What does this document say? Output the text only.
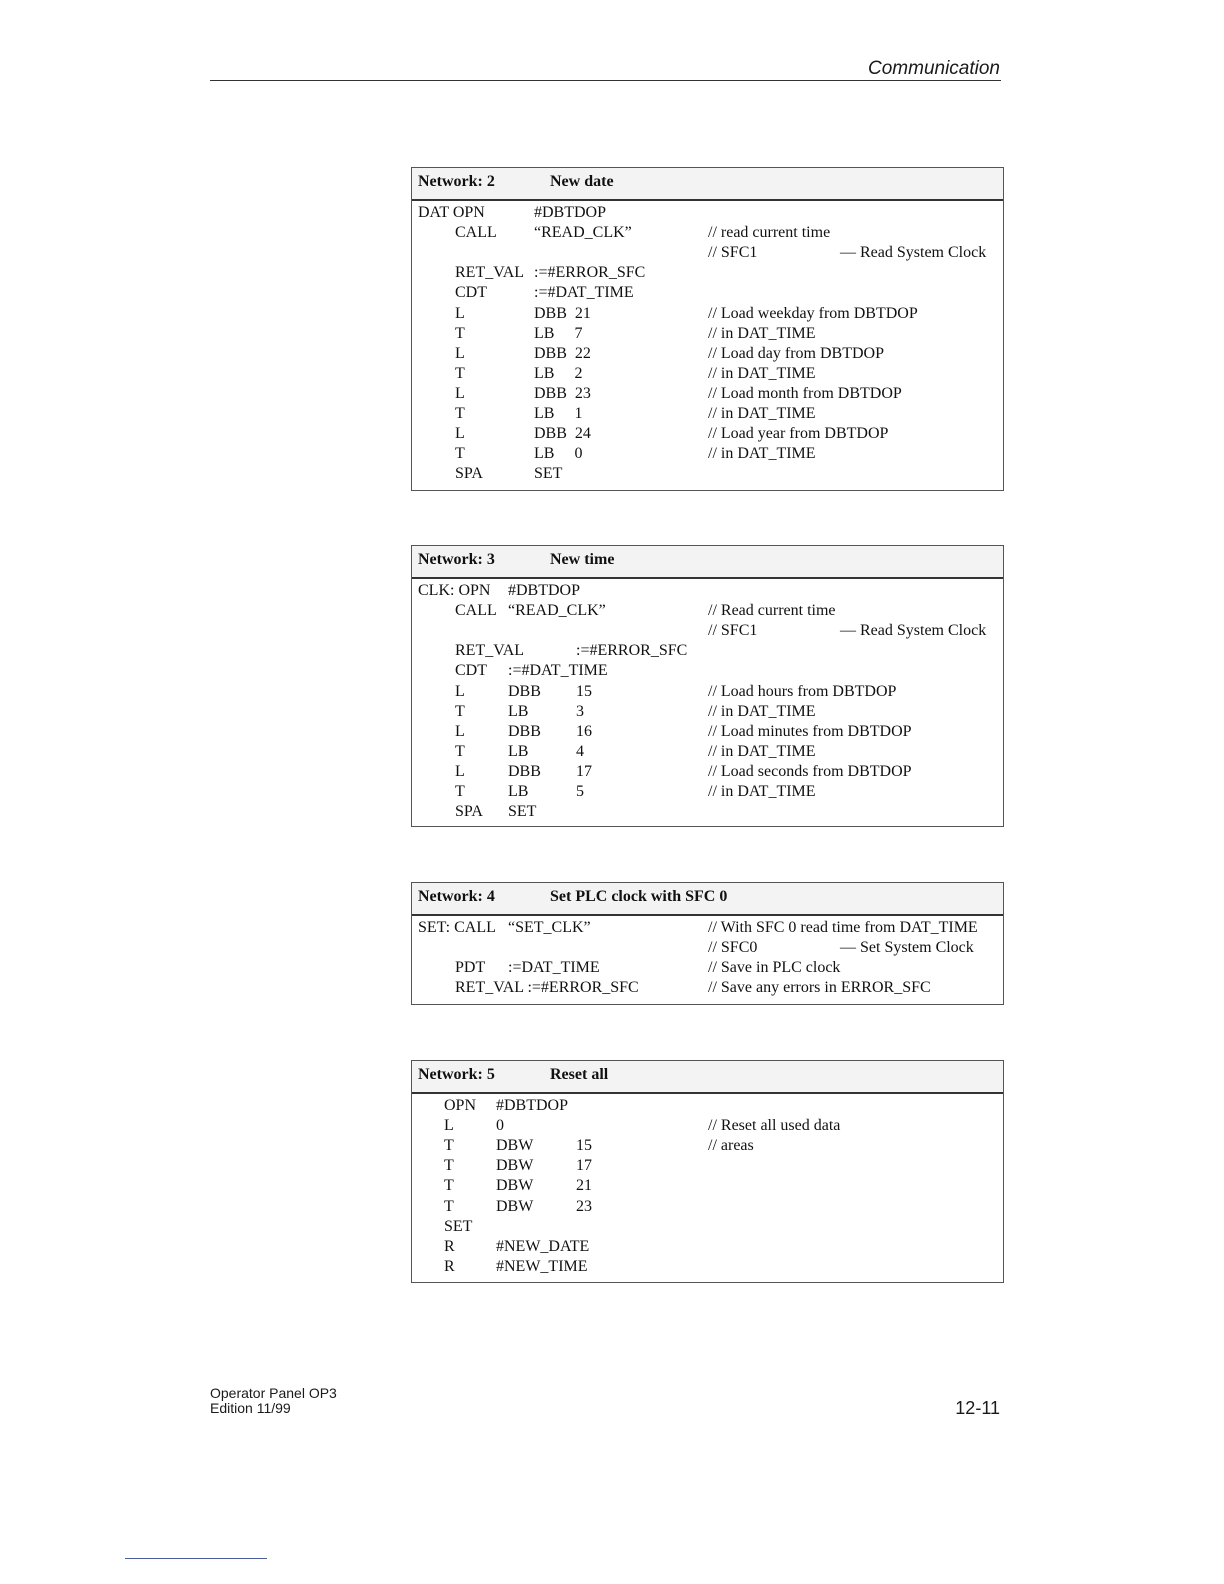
Communication
Network: 2	New date
DAT OPN	#DBTDOP
CALL “READ_CLK”	// read current time
// SFC1	— Read System Clock
RET_VAL :=#ERROR_SFC
CDT	:=#DAT_TIME
L	DBB  21	// Load weekday from DBTDOP
T	LB     7	// in DAT_TIME
L	DBB  22	// Load day from DBTDOP
T	LB     2	// in DAT_TIME
L	DBB  23	// Load month from DBTDOP
T	LB     1	// in DAT_TIME
L	DBB  24	// Load year from DBTDOP
T	LB     0	// in DAT_TIME
SPA	SET
Network: 3	New time
CLK: OPN #DBTDOP
CALL “READ_CLK”	// Read current time
// SFC1	— Read System Clock
RET_VAL	:=#ERROR_SFC
CDT :=#DAT_TIME
L	DBB 15	// Load hours from DBTDOP
T	LB	3	// in DAT_TIME
L	DBB 16	// Load minutes from DBTDOP
T	LB	4	// in DAT_TIME
L	DBB 17	// Load seconds from DBTDOP
T	LB	5	// in DAT_TIME
SPA SET
Network: 4	Set PLC clock with SFC 0
SET: CALL “SET_CLK”	// With SFC 0 read time from DAT_TIME
// SFC0	— Set System Clock
PDT :=DAT_TIME	// Save in PLC clock
RET_VAL :=#ERROR_SFC	// Save any errors in ERROR_SFC
Network: 5	Reset all
OPN #DBTDOP
L	0	// Reset all used data
T	DBW	15	// areas
T	DBW	17
T	DBW	21
T	DBW	23
SET
R	#NEW_DATE
R	#NEW_TIME
Operator Panel OP3
Edition 11/99	12-11
